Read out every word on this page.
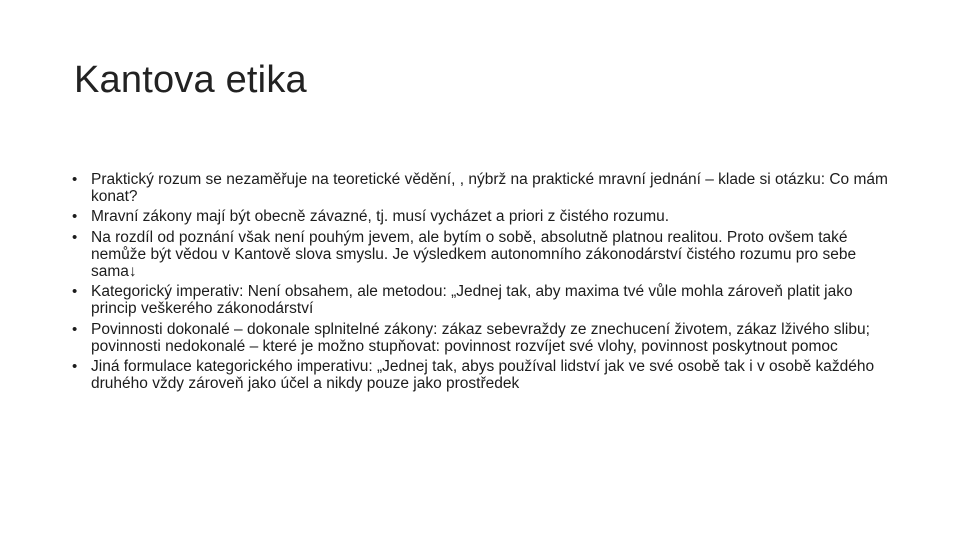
Kantova etika
• Praktický rozum se nezaměřuje na teoretické vědění, , nýbrž na praktické mravní jednání – klade si otázku: Co mám konat?
• Mravní zákony mají být obecně závazné, tj. musí vycházet a priori z čistého rozumu.
• Na rozdíl od poznání však není pouhým jevem, ale bytím o sobě, absolutně platnou realitou. Proto ovšem také nemůže být vědou v Kantově slova smyslu. Je výsledkem autonomního zákonodárství čistého rozumu pro sebe sama↓
• Kategorický imperativ: Není obsahem, ale metodou: „Jednej tak, aby maxima tvé vůle mohla zároveň platit jako princip veškerého zákonodárství
• Povinnosti dokonalé – dokonale splnitelné zákony: zákaz sebevraždy ze znechucení životem, zákaz lživého slibu; povinnosti nedokonalé – které je možno stupňovat: povinnost rozvíjet své vlohy, povinnost poskytnout pomoc
• Jiná formulace kategorického imperativu: „Jednej tak, abys používal lidství jak ve své osobě tak i v osobě každého druhého vždy zároveň jako účel a nikdy pouze jako prostředek
